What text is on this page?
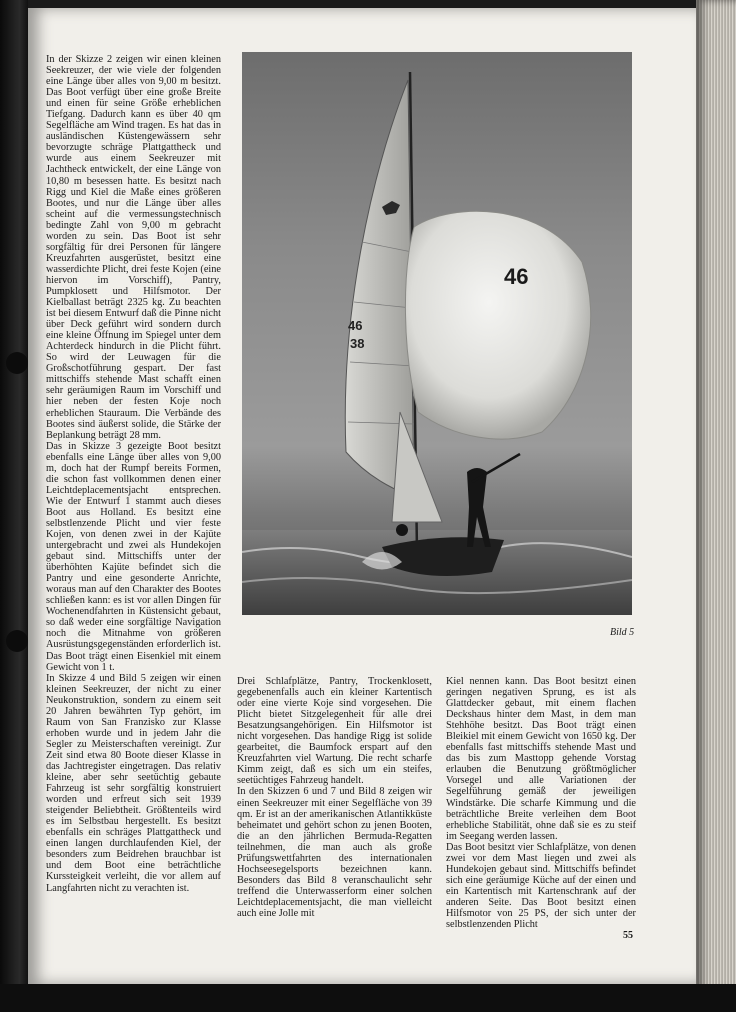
In der Skizze 2 zeigen wir einen kleinen Seekreuzer, der wie viele der folgenden eine Länge über alles von 9,00 m besitzt. Das Boot verfügt über eine große Breite und einen für seine Größe erheblichen Tiefgang. Dadurch kann es über 40 qm Segelfläche am Wind tragen. Es hat das in ausländischen Küstengewässern sehr bevorzugte schräge Plattgattheck und wurde aus einem Seekreuzer mit Jachtheck entwickelt, der eine Länge von 10,80 m besessen hatte. Es besitzt nach Rigg und Kiel die Maße eines größeren Bootes, und nur die Länge über alles scheint auf die vermessungstechnisch bedingte Zahl von 9,00 m gebracht worden zu sein. Das Boot ist sehr sorgfältig für drei Personen für längere Kreuzfahrten ausgerüstet, besitzt eine wasserdichte Plicht, drei feste Kojen (eine hiervon im Vorschiff), Pantry, Pumpklosett und Hilfsmotor. Der Kielballast beträgt 2325 kg. Zu beachten ist bei diesem Entwurf daß die Pinne nicht über Deck geführt wird sondern durch eine kleine Öffnung im Spiegel unter dem Achterdeck hindurch in die Plicht führt. So wird der Leuwagen für die Großschotführung gespart. Der fast mittschiffs stehende Mast schafft einen sehr geräumigen Raum im Vorschiff und hier neben der festen Koje noch erheblichen Stauraum. Die Verbände des Bootes sind äußerst solide, die Stärke der Beplankung beträgt 28 mm.

Das in Skizze 3 gezeigte Boot besitzt ebenfalls eine Länge über alles von 9,00 m, doch hat der Rumpf bereits Formen, die schon fast vollkommen denen einer Leichtdeplacementsjacht entsprechen. Wie der Entwurf 1 stammt auch dieses Boot aus Holland. Es besitzt eine selbstlenzende Plicht und vier feste Kojen, von denen zwei in der Kajüte untergebracht und zwei als Hundekojen gebaut sind. Mittschiffs unter der überhöhten Kajüte befindet sich die Pantry und eine gesonderte Anrichte, woraus man auf den Charakter des Bootes schließen kann: es ist vor allen Dingen für Wochenendfahrten in Küstensicht gebaut, so daß weder eine sorgfältige Navigation noch die Mitnahme von größeren Ausrüstungsgegenständen erforderlich ist. Das Boot trägt einen Eisenkiel mit einem Gewicht von 1 t.

In Skizze 4 und Bild 5 zeigen wir einen kleinen Seekreuzer, der nicht zu einer Neukonstruktion, sondern zu einem seit 20 Jahren bewährten Typ gehört, im Raum von San Franzisko zur Klasse erhoben wurde und in jedem Jahr die Segler zu Meisterschaften vereinigt. Zur Zeit sind etwa 80 Boote dieser Klasse in das Jachtregister eingetragen. Das relativ kleine, aber sehr seetüchtig gebaute Fahrzeug ist sehr sorgfältig konstruiert worden und erfreut sich seit 1939 steigender Beliebtheit. Größtenteils wird es im Selbstbau hergestellt. Es besitzt ebenfalls ein schräges Plattgattheck und einen langen durchlaufenden Kiel, der besonders zum Beidrehen brauchbar ist und dem Boot eine beträchtliche Kurssteigkeit verleiht, die vor allem auf Langfahrten nicht zu verachten ist.

46
38
46
Bild 5

Drei Schlafplätze, Pantry, Trockenklosett, gegebenenfalls auch ein kleiner Kartentisch oder eine vierte Koje sind vorgesehen. Die Plicht bietet Sitzgelegenheit für alle drei Besatzungsangehörigen. Ein Hilfsmotor ist nicht vorgesehen. Das handige Rigg ist solide gearbeitet, die Baumfock erspart auf den Kreuzfahrten viel Wartung. Die recht scharfe Kimm zeigt, daß es sich um ein steifes, seetüchtiges Fahrzeug handelt.

In den Skizzen 6 und 7 und Bild 8 zeigen wir einen Seekreuzer mit einer Segelfläche von 39 qm. Er ist an der amerikanischen Atlantikküste beheimatet und gehört schon zu jenen Booten, die an den jährlichen Bermuda-Regatten teilnehmen, die man auch als große Prüfungswettfahrten des internationalen Hochseesegelsports bezeichnen kann. Besonders das Bild 8 veranschaulicht sehr treffend die Unterwasserform einer solchen Leichtdeplacementsjacht, die man vielleicht auch eine Jolle mit

Kiel nennen kann. Das Boot besitzt einen geringen negativen Sprung, es ist als Glattdecker gebaut, mit einem flachen Deckshaus hinter dem Mast, in dem man Stehhöhe besitzt. Das Boot trägt einen Bleikiel mit einem Gewicht von 1650 kg. Der ebenfalls fast mittschiffs stehende Mast und das bis zum Masttopp gehende Vorstag erlauben die Benutzung größtmöglicher Vorsegel und alle Variationen der Segelführung gemäß der jeweiligen Windstärke. Die scharfe Kimmung und die beträchtliche Breite verleihen dem Boot erhebliche Stabilität, ohne daß sie es zu steif im Seegang werden lassen.

Das Boot besitzt vier Schlafplätze, von denen zwei vor dem Mast liegen und zwei als Hundekojen gebaut sind. Mittschiffs befindet sich eine geräumige Küche auf der einen und ein Kartentisch mit Kartenschrank auf der anderen Seite. Das Boot besitzt einen Hilfsmotor von 25 PS, der sich unter der selbstlenzenden Plicht

55
